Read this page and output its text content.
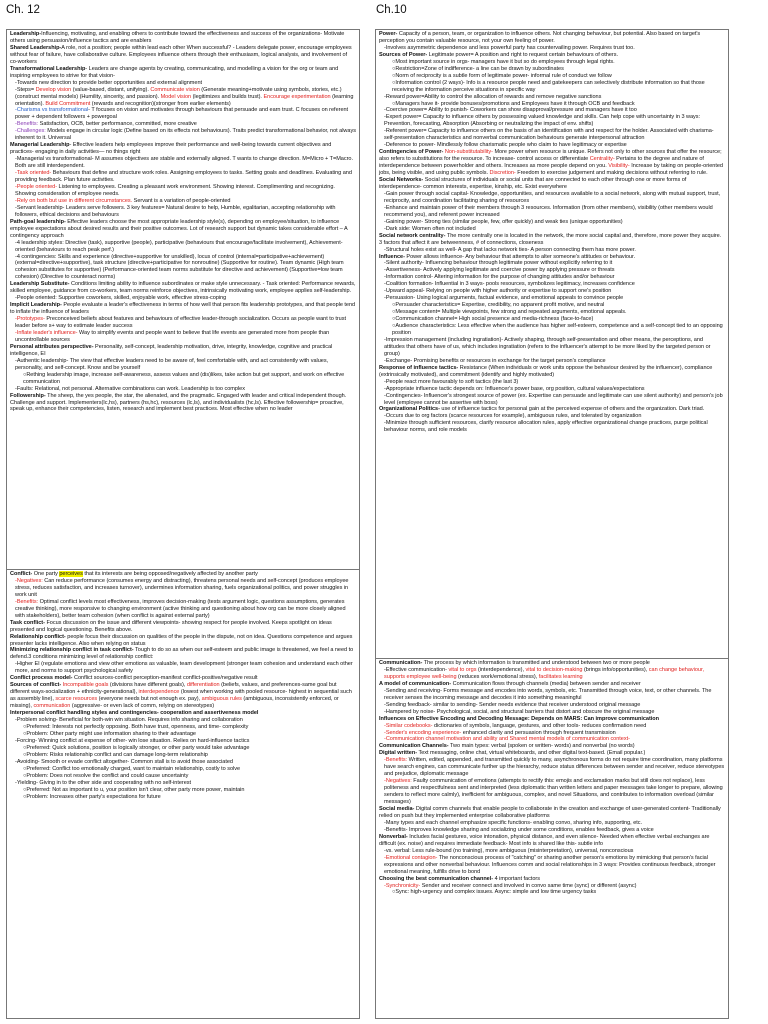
Ch. 12	Ch.10

Leadership-Influencing, motivating, and enabling others to contribute toward the effectiveness and success of the organizations- Motivate others using persuasion/influence tactics and are enablers

Shared Leadership-A role, not a position; people within lead each other When successful? - Leaders delegate power, encourage employees without fear of failure, have collaborative culture. Employees influence others through their enthusiasm, logical analysis, and involvement of co-workers

Transformational Leadership- Leaders are change agents by creating, communicating, and modelling a vision for the org or team and inspiring employees to strive for that vision-

-Towards new direction to provide better opportunities and external alignment

-Steps= Develop vision (value-based, distant, unifying). Communicate vision (Generate meaning+motivate using symbols, stories, etc.) (construct mental models) (Humility, sincerity, and passion). Model vision (legitimizes and builds trust). Encourage experimentation (learning orientation). Build Commitment (rewards and recognition)(stronger from earlier elements)

-Charisma vs transformational- T focuses on vision and motivates through behaviours that persuade and earn trust. C focuses on referent power + dependent followers + powergoal

-Benefits: Satisfaction, OCB, better performance, committed, more creative

-Challenges: Models engage in circular logic (Define based on its effects not behaviours). Traits predict transformational behavior, not always inherent to it. Universal

Managerial Leadership- Effective leaders help employees improve their performance and well-being towards current objectives and practices- engaging in daily activities— no things right

-Managerial vs transformational- M assumes objectives are stable and externally aligned. T wants to change direction. M=Micro + T=Macro. Both are still interdependent.

-Task oriented- Behaviours that define and structure work roles. Assigning employees to tasks. Setting goals and deadlines. Evaluating and providing feedback. Plan future activities.

-People oriented- Listening to employees. Creating a pleasant work environment. Showing interest. Complimenting and recognizing. Showing consideration of employee needs.

-Rely on both but use in different circumstances. Servant is a variation of people-oriented

-Servant leadership- Leaders serve followers. 3 key features= Natural desire to help, Humble, egalitarian, accepting relationship with followers, ethical decisions and behaviours

Path-goal leadership- Effective leaders choose the most appropriate leadership style(s), depending on employee/situation, to influence employee expectations about desired results and their positive outcomes. Lot of research support but dynamic takes considerable effort – A contingency approach

-4 leadership styles: Directive (task), supportive (people), participative (behaviours that encourage/facilitate involvement), Achievement-oriented (behaviours to reach peak perf.)

-4 contingencies: Skills and experience (directive+supportive for unskilled), locus of control (internal=participative+achievement) (external=directive+supportive), task structure (directive+participative for nonroutine) (Supportive for routine). Team dynamic (High team cohesion substitutes for supportive) (Performance-oriented team norms substitute for directive and achievement) (Supportive=low team cohesion) (Directive to counteract norms)

Leadership Substitute- Conditions limiting ability to influence subordinates or make style unnecessary. - Task oriented: Performance rewards, skilled employee, guidance from co-workers, team norms reinforce objectives, intrinsically motivating work, employee applies self-leadership.

-People oriented: Supportive coworkers, skilled, enjoyable work, effective stress-coping

Implicit Leadership- People evaluate a leader's effectiveness in terms of how well that person fits leadership prototypes, and that people tend to inflate the influence of leaders

-Prototypes- Preconceived beliefs about features and behaviours of effective leader-through socialization. Occurs as people want to trust leader before s+ way to estimate leader success

-Inflate leader's influence- Way to simplify events and people want to believe that life events are generated more from people than uncontrollable sources

Personal attributes perspective- Personality, self-concept, leadership motivation, drive, integrity, knowledge, cognitive and practical intelligence, EI

-Authentic leadership- The view that effective leaders need to be aware of, feel comfortable with, and act consistently with values, personality, and self-concept. Know and be yourself

○Rething leadership image, increase self-awareness, assess values and (dis)likes, take action but get support, and work on effective communication

-Faults: Relational, not personal. Alternative combinations can work. Leadership is too complex

Followership- The sheep, the yes people, the star, the alienated, and the pragmatic. Engaged with leader and critical independent though. Challenge and support. Implementers(Ic,hs), partners (hs,hc), resources (lc,ls), and individualists (hc,ls). Effective followership= proactive, speak up, enhance their competencies, listen, research and implement best practices. Most effective when no leader

Conflict- One party perceives that its interests are being opposed/negatively affected by another party

-Negatives: Can reduce performance (consumes energy and distracting), threatens personal needs and self-concept (produces employee stress, reduces satisfaction, and increases turnover), undermines information sharing, fuels organizational politics, and power struggles in work unit

-Benefits: Optimal conflict levels most effectiveness, improves decision-making (tests argument logic, questions assumptions, generates creative thinking), more responsive to changing environment (active thinking and questioning about how org can be more closely aligned with stakeholders), better team cohesion (when conflict is against external party)

Task conflict- Focus discussion on the issue and different viewpoints- showing respect for people involved. Keeps spotlight on ideas presented and logical questioning. Benefits above.

Relationship conflict- people focus their discussion on qualities of the people in the dispute, not on idea. Questions competence and argues presenter lacks intelligence. Also when relying on status

Minimizing relationship conflict in task conflict- Tough to do so as when our self-esteem and public image is threatened, we feel a need to defend.3 conditions minimizing level of relationship conflict:

-Higher EI (regulate emotions and view other emotions as valuable, team development (stronger team cohesion and understand each other more, and norms to support psychological safety

Conflict process model- Conflict sources-conflict perception-manifest conflict-positive/negative result

Sources of conflict- Incompatible goals (divisions have different goals), differentiation (beliefs, values, and preferences-same goal but different ways-socialization + ethnicity-generational), interdependence (lowest when working with pooled resource- highest in sequential such as assembly line), scarce resources (everyone needs but not enough ex. pay), ambiguous rules (ambiguous, inconsistently enforced, or missing), communication (aggressive- or even lack of comm, relying on stereotypes)

Interpersonal conflict handling styles and contingencies- cooperation and assertiveness model

-Problem solving- Beneficial for both-win win situation. Requires info sharing and collaboration

○Preferred: Interests not perfectly opposing. Both have trust, openness, and time- complexity

○Problem: Other party might use information sharing to their advantage

-Forcing- Winning conflict at expense of other- win lose situation. Relies on hard-influence tactics

○Preferred: Quick solutions, position is logically stronger, or other party would take advantage

○Problem: Risks relationship conflict and can damage long-term relationship

-Avoiding- Smooth or evade conflict altogether- Common stall is to avoid those associated

○Preferred: Conflict too emotionally charged, want to maintain relationship, costly to solve

○Problem: Does not resolve the conflict and could cause uncertainty

-Yielding- Giving in to the other side and cooperating with no self-interest

○Preferred: Not as important to u, your position isn't clear, other party more power, maintain

○Problem: Increases other party's expectations for future

Power- Capacity of a person, team, or organization to influence others. Not changing behaviour, but potential. Also based on target's perception you contain valuable resource, not your own feeling of power.

-Involves asymmetric dependence and less powerful party has countervailing power. Requires trust too.

Sources of Power- Legitimate power= A position and right to request certain behaviours of others.

○Most important source in orgs- managers have it but so do employees through legal rights.

○Restriction=Zone of indifference- a line can be drawn by subordinates

○Norm of reciprocity is a subtle form of legitimate power- informal rule of conduct we follow

○Information control (2 ways)- Info is a resource people need and gatekeepers can selectively distribute information so that those receiving the information perceive situations in specific way

-Reward power=Ability to control the allocation of rewards and remove negative sanctions

○Managers have it- provide bonuses/promotions and Employees have it through OCB and feedback

-Coercive power= Ability to punish- Coworkers can show disapproval/pressure and managers have it too

-Expert power= Capacity to influence others by possessing valued knowledge and skills. Can help cope with uncertainty in 3 ways: Prevention, forecasting, Absorption (Absorbing or neutralizing the impact of env. shifts)

-Referent power= Capacity to influence others on the basis of an identification with and respect for the holder. Associated with charisma- self-presentation characteristics and nonverbal communication behaviours generate interpersonal attraction

-Deference to power- Mindlessly follow charismatic people who claim to have legitimacy or expertise

Contingencies of Power- Non-substitutability- More power when resource is unique. Refers not only to other sources that offer the resource; also refers to substitutions for the resource. To increase- control access or differentiate Centrality- Pertains to the degree and nature of interdependence between powerholder and others. Increases as more people depend on you. Visibility- Increase by taking on people-oriented jobs, being visible, and using public symbols. Discretion- Freedom to exercise judgement and making decisions without referring to rule.

Social Networks- Social structures of individuals or social units that are connected to each other through one or more forms of interdependence- common interests, expertise, kinship, etc. Exist everywhere

-Gain power through social capital- Knowledge, opportunities, and resources available to a social network, along with mutual support, trust, reciprocity, and coordination facilitating sharing of resources

-Enhance and maintain power of their members through 3 resources. Information (from other members), visibility (other members would recommend you), and referent power increased

-Gaining power- Strong ties (similar people, few, offer quickly) and weak ties (unique opportunities)

-Dark side: Women often not included

Social network centrality- The more centrally one is located in the network, the more social capital and, therefore, more power they acquire. 3 factors that affect it are betweenness, # of connections, closeness

-Structural holes exist as well- A gap that lacks network ties- A person connecting them has more power.

Influence- Power allows influence- Any behaviour that attempts to alter someone's attitudes or behaviour.

-Silent authority- Influencing behaviour through legitimate power without explicitly referring to it

-Assertiveness- Actively applying legitimate and coercive power by applying pressure or threats

-Information control- Altering information for the purpose of changing attitudes and/or behaviour

-Coalition formation- Influential in 3 ways- pools resources, symbolizes legitimacy, increases confidence

-Upward appeal- Relying on people with higher authority or expertise to support one's position

-Persuasion- Using logical arguments, factual evidence, and emotional appeals to convince people

○Persuader characteristics= Expertise, credibility, no apparent profit motive, and neutral

○Message content= Multiple viewpoints, few strong and repeated arguments, emotional appeals.

○Communication channel= High social presence and media-richness (face-to-face)

○Audience characteristics: Less effective when the audience has higher self-esteem, competence and a self-concept tied to an opposing position

-Impression management (including ingratiation)- Actively shaping, through self-presentation and other means, the perceptions, and attitudes that others have of us, which includes ingratiation (refers to the influencer's attempt to be more liked by the targeted person or group)

-Exchange- Promising benefits or resources in exchange for the target person's compliance

Response of influence tactics- Resistance (When individuals or work units oppose the behaviour desired by the influencer), compliance (extrinsically motivated), and commitment (identify and highly motivated)

-People react more favourably to soft tactics (the last 3)

-Appropriate influence tactic depends on: Influencer's power base, org position, cultural values/expectations

-Contingencies- Influencer's strongest source of power (ex. Expertise can persuade and legitimate can use silent authority) and person's job level (employee cannot be assertive with boss)

Organizational Politics- use of influence tactics for personal gain at the perceived expense of others and the organization. Dark triad.

-Occurs due to org factors (scarce resources for example), ambiguous rules, and tolerated by organization

-Minimize through sufficient resources, clarify resource allocation rules, apply effective organizational change practices, purge political behaviour norms, and role models

Communication- The process by which information is transmitted and understood between two or more people

-Effective communication- vital to orgs (interdependence), vital to decision-making (brings info/opportunities), can change behaviour, supports employee well-being (reduces work/emotional stress), facilitates learning

A model of communication- Communication flows through channels (media) between sender and receiver

-Sending and receiving- Forms message and encodes into words, symbols, etc. Transmitted through voice, text, or other channels. The receiver senses the incoming message and decodes it into something meaningful

-Sending feedback- similar to sending- Sender needs evidence that receiver understood original message

-Hampered by noise- Psychological, social, and structural barriers that distort and obscure the original message

Influences on Effective Encoding and Decoding Message: Depends on MARS: Can improve communication

-Similar codebooks- dictionaries of symbols, language, gestures, and other tools- reduces confirmation need

-Sender's encoding experience- enhanced clarity and persuasion through frequent transmission

-Communication channel motivation and ability and Shared mental models of communication context-

Communication Channels- Two main types: verbal (spoken or written- words) and nonverbal (no words)

Digital written- Text messaging, online chat, virtual whiteboards, and other digital text-based. (Email popular.)

-Benefits: Written, edited, appended, and transmitted quickly to many, asynchronous forms do not require time coordination, many platforms have search engines, can communicate further up the hierarchy, reduce status differences between sender and receiver, reduce stereotypes and prejudice, diplomatic message

-Negatives: Faulty communication of emotions (attempts to rectify this: emojis and exclamation marks but still does not replace), less politeness and respectfulness sent and interpreted (less diplomatic than written letters and paper messages take longer to prepare, allowing senders to reflect more calmly), inefficient for ambiguous, complex, and novel Situations, and contributes to information overload (similar messages)

Social media- Digital comm channels that enable people to collaborate in the creation and exchange of user-generated content- Traditionally relied on push but they implemented enterprise collaborative platforms

-Many types and each channel emphasize specific functions- enabling convo, sharing info, supporting, etc.

-Benefits- Improves knowledge sharing and socializing under some conditions, enables feedback, gives a voice

Nonverbal- Includes facial gestures, voice intonation, physical distance, and even silence- Needed when effective verbal exchanges are difficult (ex. noise) and requires immediate feedback- Most info is shared like this- subtle info

-vs. verbal: Less rule-bound (no training), more ambiguous (misinterpretation), universal, nonconscious

-Emotional contagion- The nonconscious process of "catching" or sharing another person's emotions by mimicking that person's facial expressions and other nonverbal behaviour. Influences comm and social relationships in 3 ways: Provides continuous feedback, stronger emotional meaning, fulfills drive to bond

Choosing the best communication channel- 4 important factors

-Synchronicity- Sender and receiver connect and involved in convo same time (sync) or different (async)

○Sync: high-urgency and complex issues. Async: simple and low time urgency tasks
